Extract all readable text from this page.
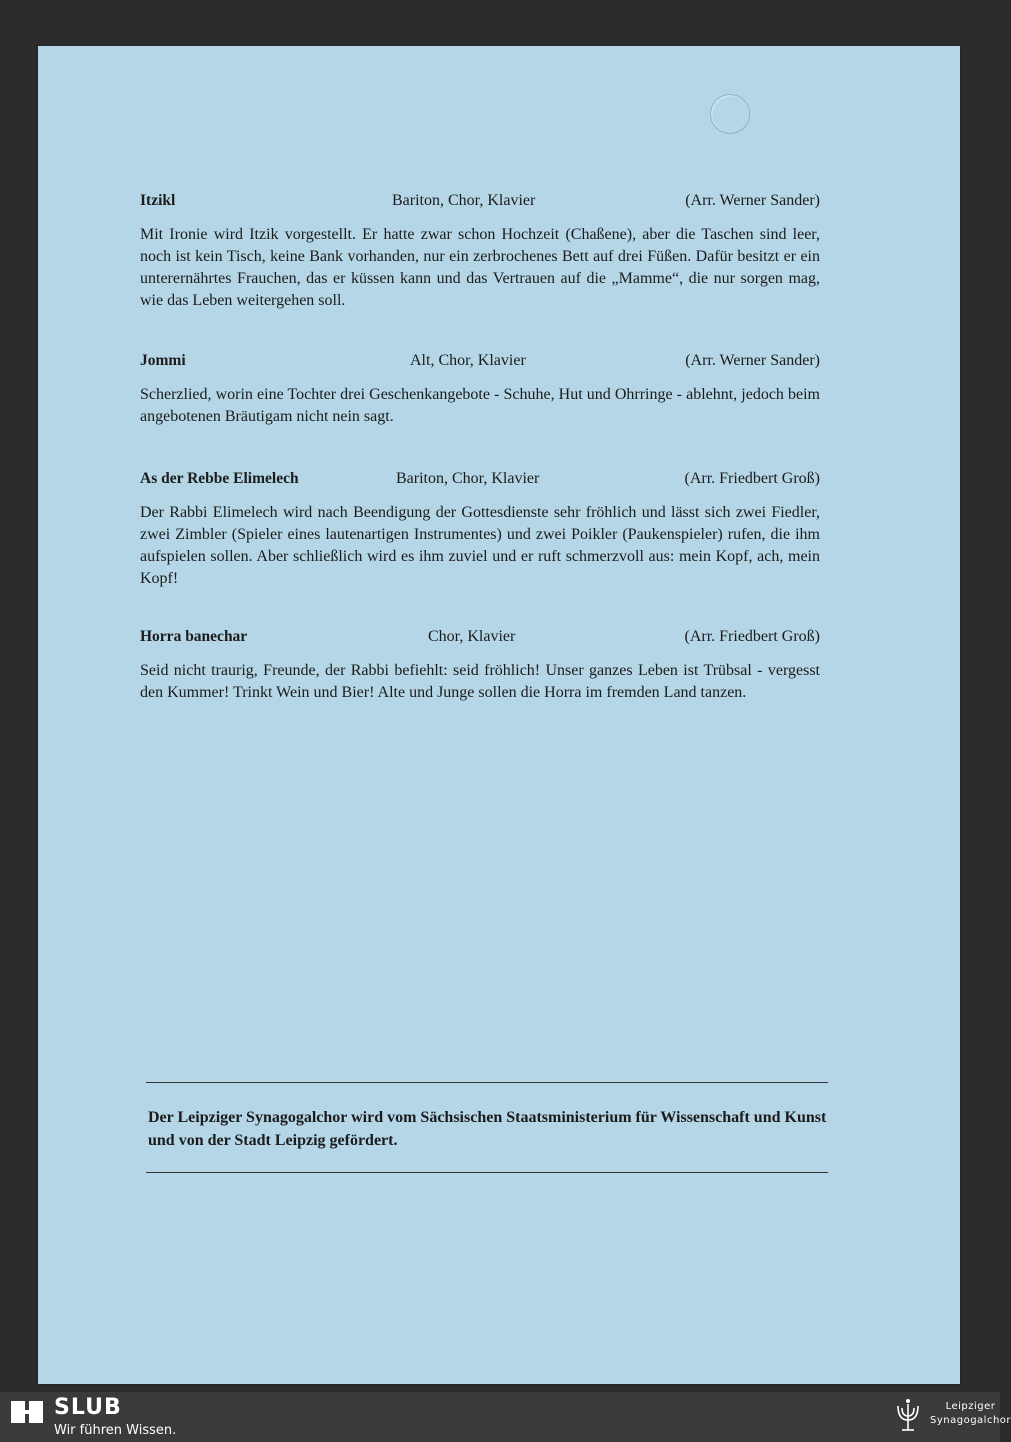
Itzikl	Bariton, Chor, Klavier	(Arr. Werner Sander)
Mit Ironie wird Itzik vorgestellt. Er hatte zwar schon Hochzeit (Chaßene), aber die Taschen sind leer, noch ist kein Tisch, keine Bank vorhanden, nur ein zerbrochenes Bett auf drei Füßen. Dafür besitzt er ein unterernährtes Frauchen, das er küssen kann und das Vertrauen auf die „Mamme“, die nur sorgen mag, wie das Leben weitergehen soll.
Jommi	Alt, Chor, Klavier	(Arr. Werner Sander)
Scherzlied, worin eine Tochter drei Geschenkangebote - Schuhe, Hut und Ohrringe - ablehnt, jedoch beim angebotenen Bräutigam nicht nein sagt.
As der Rebbe Elimelech	Bariton, Chor, Klavier	(Arr. Friedbert Groß)
Der Rabbi Elimelech wird nach Beendigung der Gottesdienste sehr fröhlich und lässt sich zwei Fiedler, zwei Zimbler (Spieler eines lautenartigen Instrumentes) und zwei Poikler (Paukenspieler) rufen, die ihm aufspielen sollen. Aber schließlich wird es ihm zuviel und er ruft schmerzvoll aus: mein Kopf, ach, mein Kopf!
Horra banechar	Chor, Klavier	(Arr. Friedbert Groß)
Seid nicht traurig, Freunde, der Rabbi befiehlt: seid fröhlich! Unser ganzes Leben ist Trübsal - vergesst den Kummer! Trinkt Wein und Bier! Alte und Junge sollen die Horra im fremden Land tanzen.
Der Leipziger Synagogalchor wird vom Sächsischen Staatsministerium für Wissenschaft und Kunst und von der Stadt Leipzig gefördert.
SLUB
Wir führen Wissen.
Leipziger
Synagogalchor
